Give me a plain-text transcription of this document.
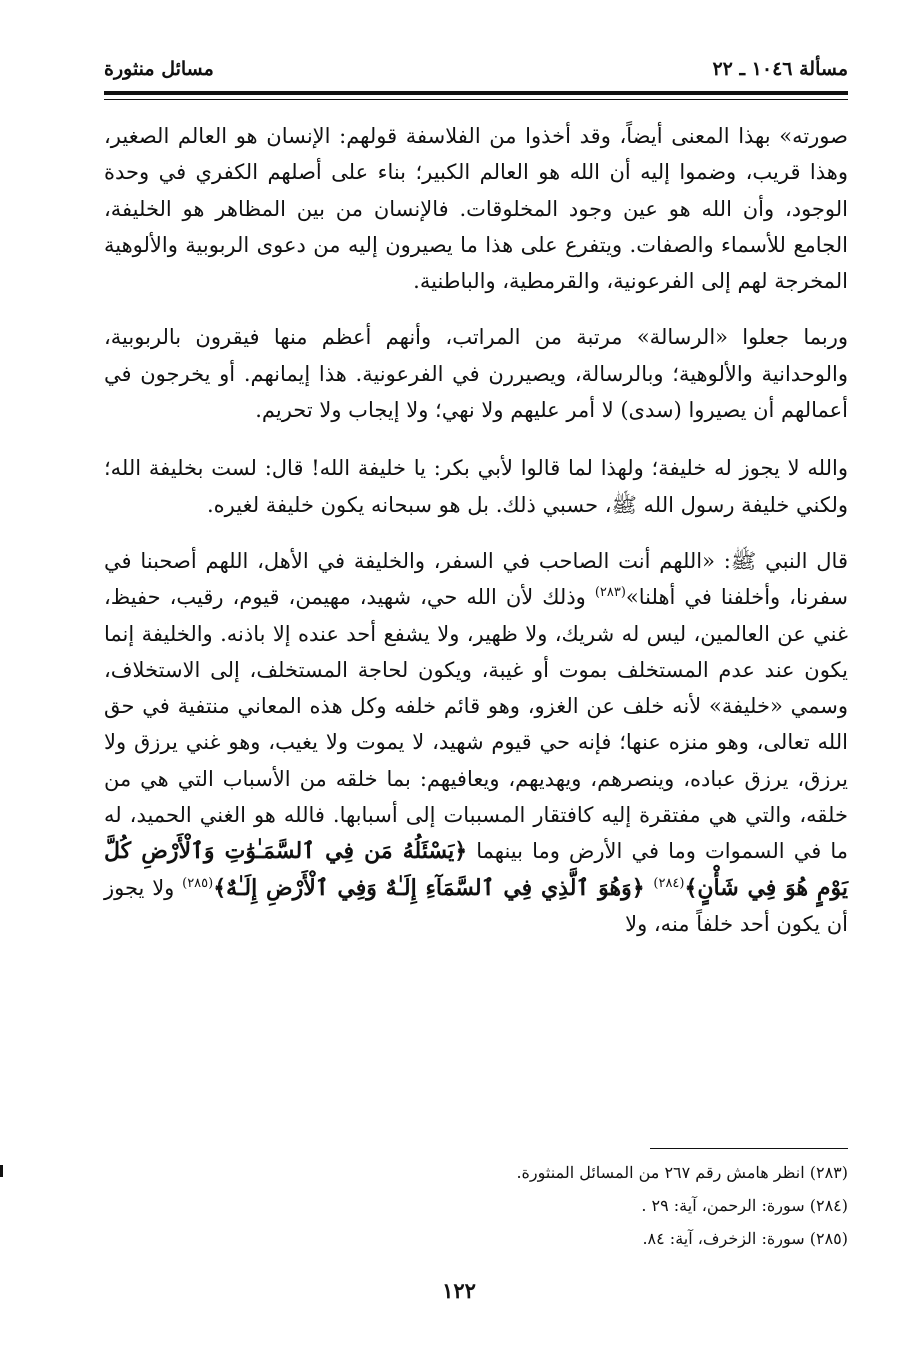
مسألة ١٠٤٦ ـ ٢٢
مسائل منثورة

صورته» بهذا المعنى أيضاً، وقد أخذوا من الفلاسفة قولهم: الإنسان هو العالم الصغير، وهذا قريب، وضموا إليه أن الله هو العالم الكبير؛ بناء على أصلهم الكفري في وحدة الوجود، وأن الله هو عين وجود المخلوقات. فالإنسان من بين المظاهر هو الخليفة، الجامع للأسماء والصفات. ويتفرع على هذا ما يصيرون إليه من دعوى الربوبية والألوهية المخرجة لهم إلى الفرعونية، والقرمطية، والباطنية.

وربما جعلوا «الرسالة» مرتبة من المراتب، وأنهم أعظم منها فيقرون بالربوبية، والوحدانية والألوهية؛ وبالرسالة، ويصيررن في الفرعونية. هذا إيمانهم. أو يخرجون في أعمالهم أن يصيروا (سدى) لا أمر عليهم ولا نهي؛ ولا إيجاب ولا تحريم.

والله لا يجوز له خليفة؛ ولهذا لما قالوا لأبي بكر: يا خليفة الله! قال: لست بخليفة الله؛ ولكني خليفة رسول الله ﷺ، حسبي ذلك. بل هو سبحانه يكون خليفة لغيره.

قال النبي ﷺ: «اللهم أنت الصاحب في السفر، والخليفة في الأهل، اللهم أصحبنا في سفرنا، وأخلفنا في أهلنا»$^{(٢٨٣)}$ وذلك لأن الله حي، شهيد، مهيمن، قيوم، رقيب، حفيظ، غني عن العالمين، ليس له شريك، ولا ظهير، ولا يشفع أحد عنده إلا باذنه. والخليفة إنما يكون عند عدم المستخلف بموت أو غيبة، ويكون لحاجة المستخلف، إلى الاستخلاف، وسمي «خليفة» لأنه خلف عن الغزو، وهو قائم خلفه وكل هذه المعاني منتفية في حق الله تعالى، وهو منزه عنها؛ فإنه حي قيوم شهيد، لا يموت ولا يغيب، وهو غني يرزق ولا يرزق، يرزق عباده، وينصرهم، ويهديهم، ويعافيهم: بما خلقه من الأسباب التي هي من خلقه، والتي هي مفتقرة إليه كافتقار المسببات إلى أسبابها. فالله هو الغني الحميد، له ما في السموات وما في الأرض وما بينهما ﴿يَسْئَلُهُ مَن فِي ٱلسَّمَـٰوَٰتِ وَٱلْأَرْضِ كُلَّ يَوْمٍ هُوَ فِي شَأْنٍ﴾$^{(٢٨٤)}$ ﴿وَهُوَ ٱلَّذِي فِي ٱلسَّمَآءِ إِلَـٰهٌ وَفِي ٱلْأَرْضِ إِلَـٰهٌ﴾$^{(٢٨٥)}$ ولا يجوز أن يكون أحد خلفاً منه، ولا

(٢٨٣) انظر هامش رقم ٢٦٧ من المسائل المنثورة.
(٢٨٤) سورة: الرحمن، آية: ٢٩ .
(٢٨٥) سورة: الزخرف، آية: ٨٤.
١٢٢
